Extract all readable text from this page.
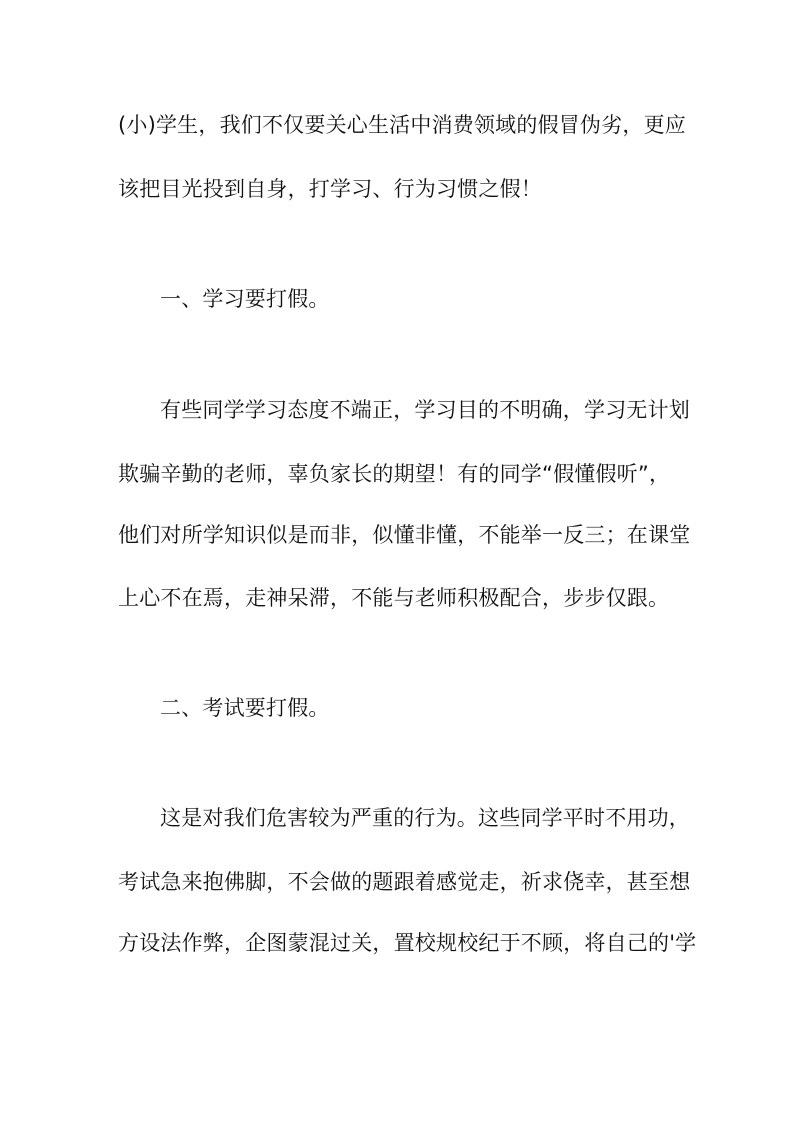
(小)学生，我们不仅要关心生活中消费领域的假冒伪劣，更应
该把目光投到自身，打学习、行为习惯之假！
一、学习要打假。
有些同学学习态度不端正，学习目的不明确，学习无计划
欺骗辛勤的老师，辜负家长的期望！有的同学“假懂假听”，
他们对所学知识似是而非，似懂非懂，不能举一反三；在课堂
上心不在焉，走神呆滞，不能与老师积极配合，步步仅跟。
二、考试要打假。
这是对我们危害较为严重的行为。这些同学平时不用功，
考试急来抱佛脚，不会做的题跟着感觉走，祈求侥幸，甚至想
方设法作弊，企图蒙混过关，置校规校纪于不顾，将自己的'学
